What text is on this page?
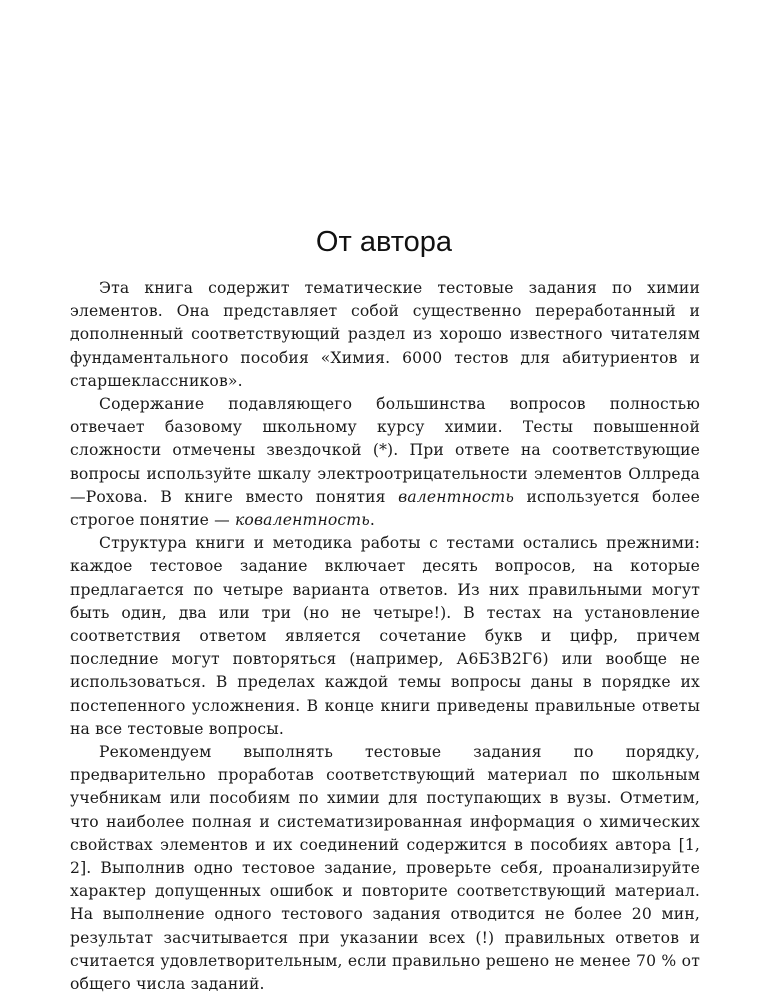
От автора

Эта книга содержит тематические тестовые задания по химии элементов. Она представляет собой существенно переработанный и дополненный соответствующий раздел из хорошо известного читателям фундаментального пособия «Химия. 6000 тестов для абитуриентов и старшеклассников».

Содержание подавляющего большинства вопросов полностью отвечает базовому школьному курсу химии. Тесты повышенной сложности отмечены звездочкой (*). При ответе на соответствующие вопросы используйте шкалу электроотрицательности элементов Оллреда—Рохова. В книге вместо понятия валентность используется более строгое понятие — ковалентность.

Структура книги и методика работы с тестами остались прежними: каждое тестовое задание включает десять вопросов, на которые предлагается по четыре варианта ответов. Из них правильными могут быть один, два или три (но не четыре!). В тестах на установление соответствия ответом является сочетание букв и цифр, причем последние могут повторяться (например, А6Б3В2Г6) или вообще не использоваться. В пределах каждой темы вопросы даны в порядке их постепенного усложнения. В конце книги приведены правильные ответы на все тестовые вопросы.

Рекомендуем выполнять тестовые задания по порядку, предварительно проработав соответствующий материал по школьным учебникам или пособиям по химии для поступающих в вузы. Отметим, что наиболее полная и систематизированная информация о химических свойствах элементов и их соединений содержится в пособиях автора [1, 2]. Выполнив одно тестовое задание, проверьте себя, проанализируйте характер допущенных ошибок и повторите соответствующий материал. На выполнение одного тестового задания отводится не более 20 мин, результат засчитывается при указании всех (!) правильных ответов и считается удовлетворительным, если правильно решено не менее 70 % от общего числа заданий.
